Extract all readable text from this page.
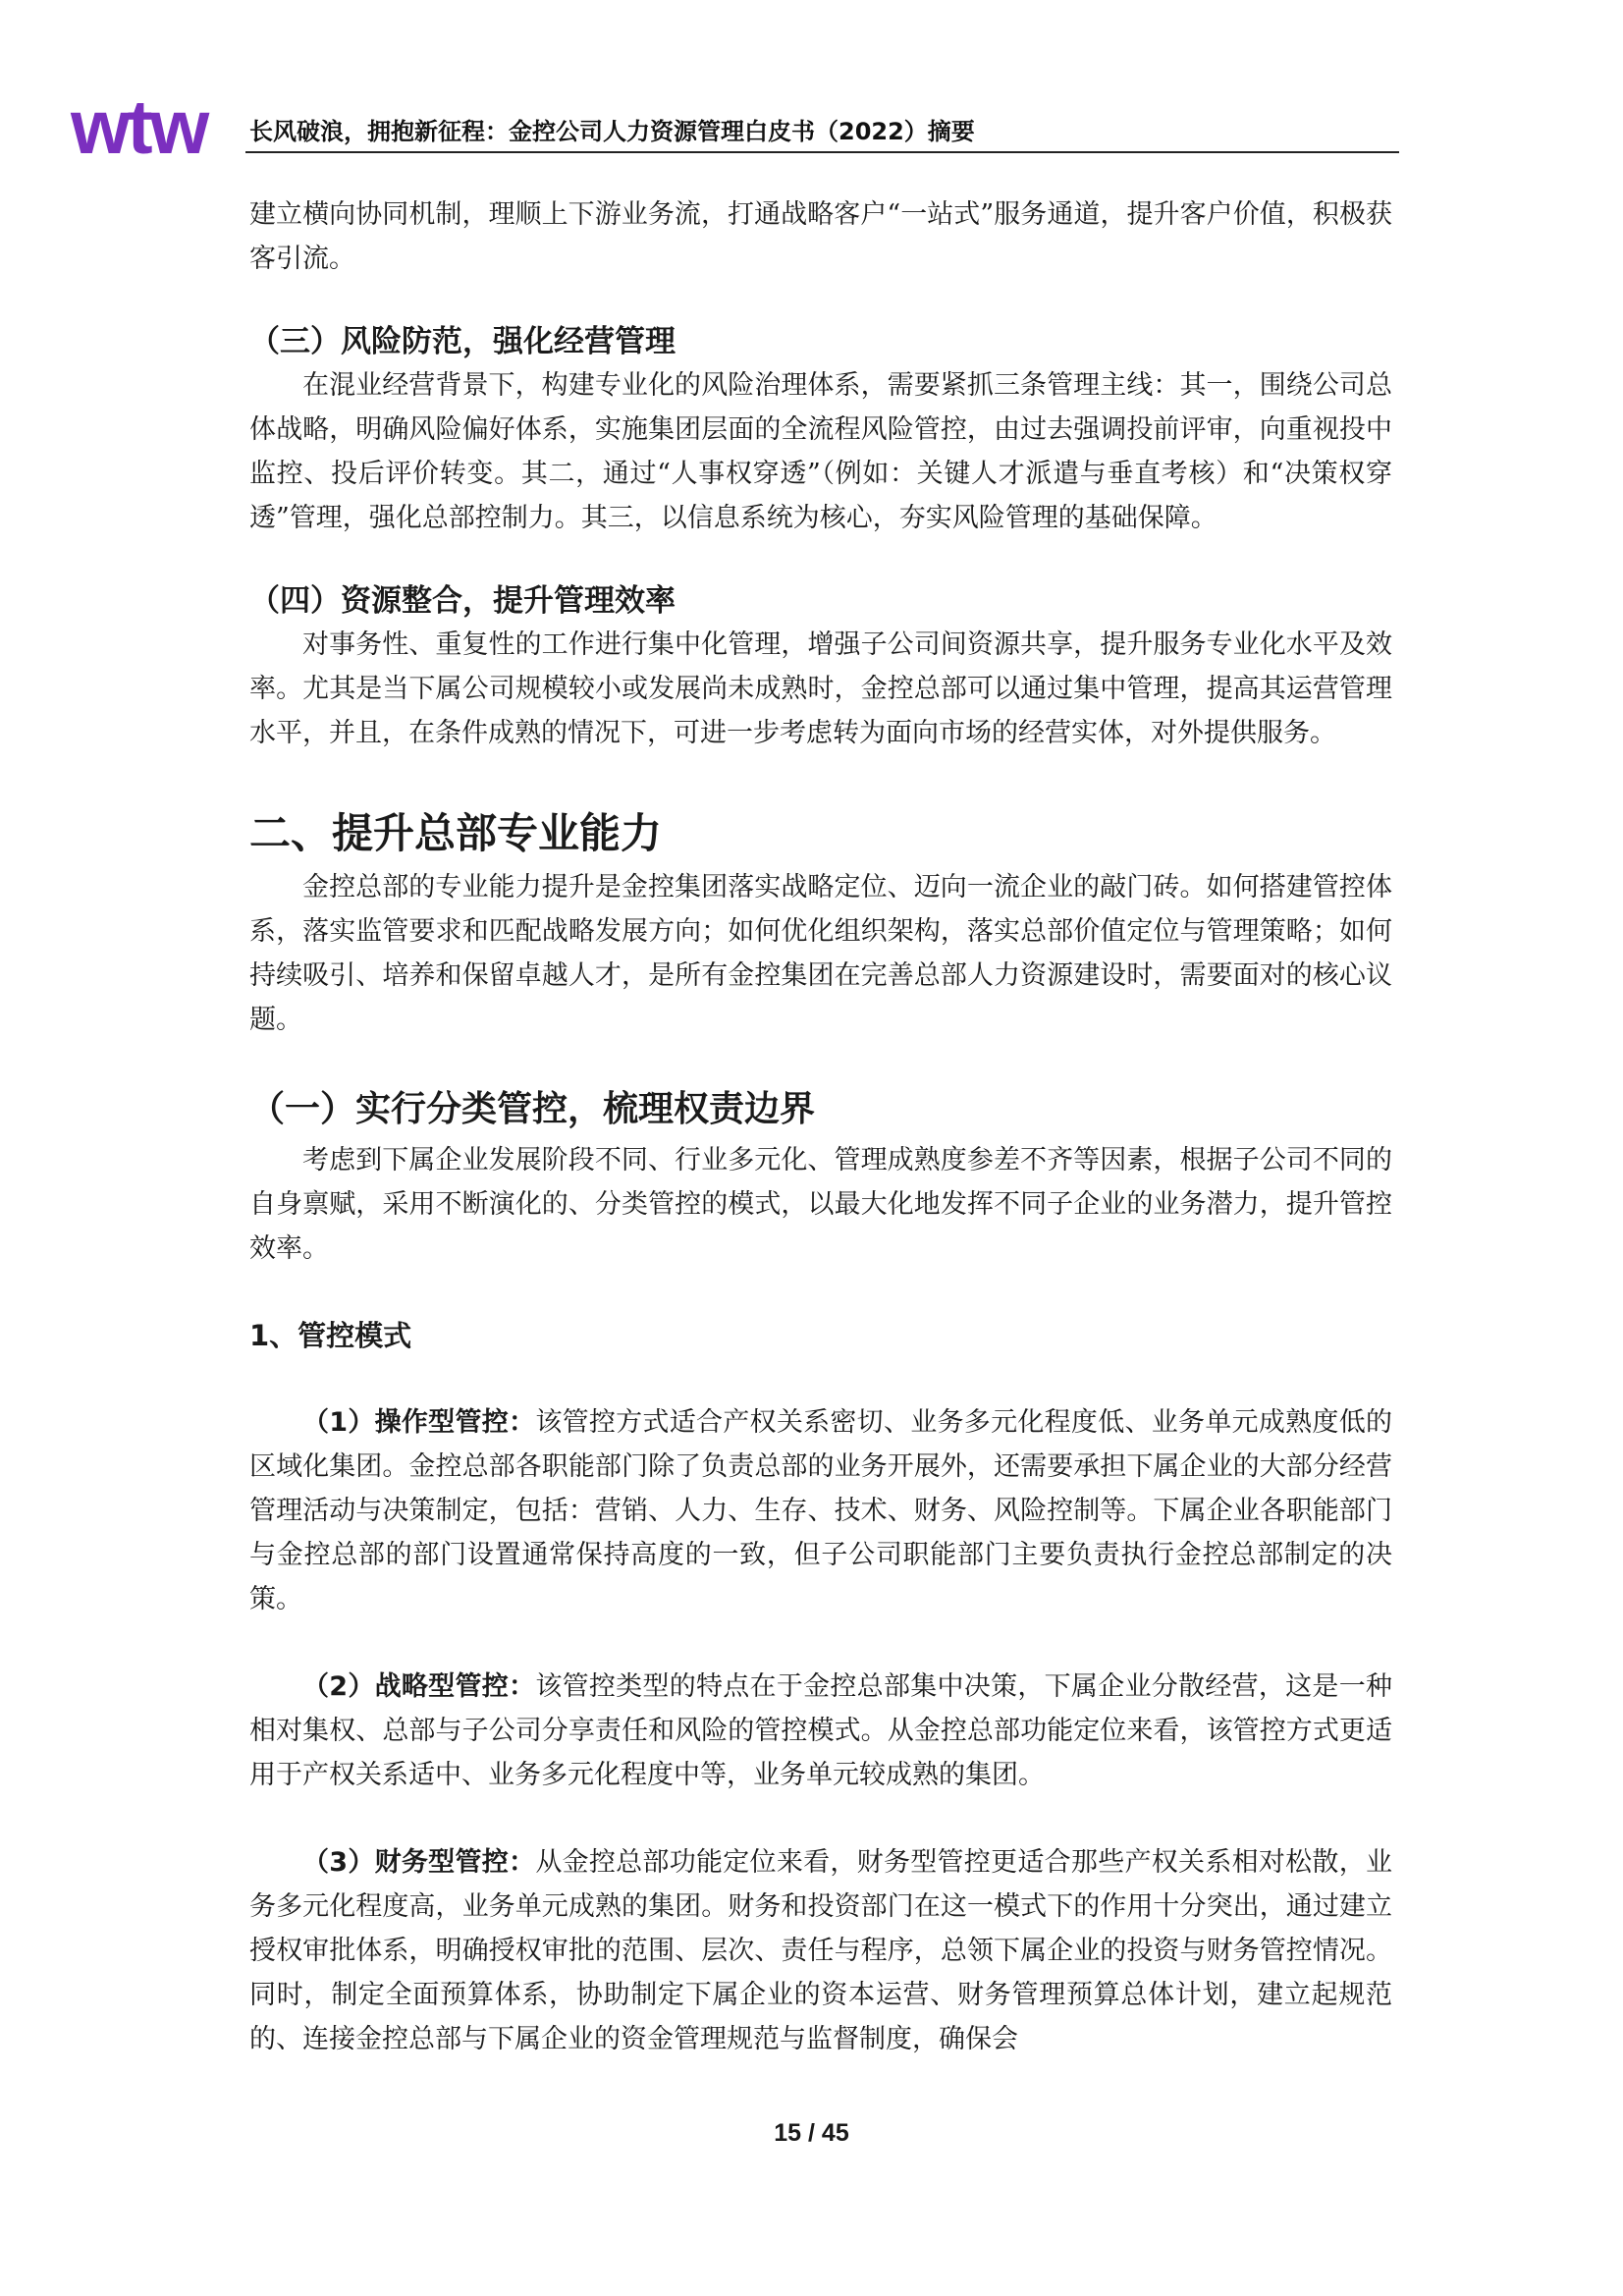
wtw 长风破浪，拥抱新征程：金控公司人力资源管理白皮书（2022）摘要

建立横向协同机制，理顺上下游业务流，打通战略客户“一站式”服务通道，提升客户价值，积极获客引流。

（三）风险防范，强化经营管理

在混业经营背景下，构建专业化的风险治理体系，需要紧抓三条管理主线：其一，围绕公司总体战略，明确风险偏好体系，实施集团层面的全流程风险管控，由过去强调投前评审，向重视投中监控、投后评价转变。其二，通过“人事权穿透”（例如：关键人才派遣与垂直考核）和“决策权穿透”管理，强化总部控制力。其三，以信息系统为核心，夯实风险管理的基础保障。

（四）资源整合，提升管理效率

对事务性、重复性的工作进行集中化管理，增强子公司间资源共享，提升服务专业化水平及效率。尤其是当下属公司规模较小或发展尚未成熟时，金控总部可以通过集中管理，提高其运营管理水平，并且，在条件成熟的情况下，可进一步考虑转为面向市场的经营实体，对外提供服务。

二、提升总部专业能力

金控总部的专业能力提升是金控集团落实战略定位、迈向一流企业的敲门砖。如何搭建管控体系，落实监管要求和匹配战略发展方向；如何优化组织架构，落实总部价值定位与管理策略；如何持续吸引、培养和保留卓越人才，是所有金控集团在完善总部人力资源建设时，需要面对的核心议题。

（一）实行分类管控，梳理权责边界

考虑到下属企业发展阶段不同、行业多元化、管理成熟度参差不齐等因素，根据子公司不同的自身禀赋，采用不断演化的、分类管控的模式，以最大化地发挥不同子企业的业务潜力，提升管控效率。

1、管控模式

（1）操作型管控：该管控方式适合产权关系密切、业务多元化程度低、业务单元成熟度低的区域化集团。金控总部各职能部门除了负责总部的业务开展外，还需要承担下属企业的大部分经营管理活动与决策制定，包括：营销、人力、生存、技术、财务、风险控制等。下属企业各职能部门与金控总部的部门设置通常保持高度的一致，但子公司职能部门主要负责执行金控总部制定的决策。

（2）战略型管控：该管控类型的特点在于金控总部集中决策，下属企业分散经营，这是一种相对集权、总部与子公司分享责任和风险的管控模式。从金控总部功能定位来看，该管控方式更适用于产权关系适中、业务多元化程度中等，业务单元较成熟的集团。

（3）财务型管控：从金控总部功能定位来看，财务型管控更适合那些产权关系相对松散，业务多元化程度高，业务单元成熟的集团。财务和投资部门在这一模式下的作用十分突出，通过建立授权审批体系，明确授权审批的范围、层次、责任与程序，总领下属企业的投资与财务管控情况。同时，制定全面预算体系，协助制定下属企业的资本运营、财务管理预算总体计划，建立起规范的、连接金控总部与下属企业的资金管理规范与监督制度，确保会

15 / 45
